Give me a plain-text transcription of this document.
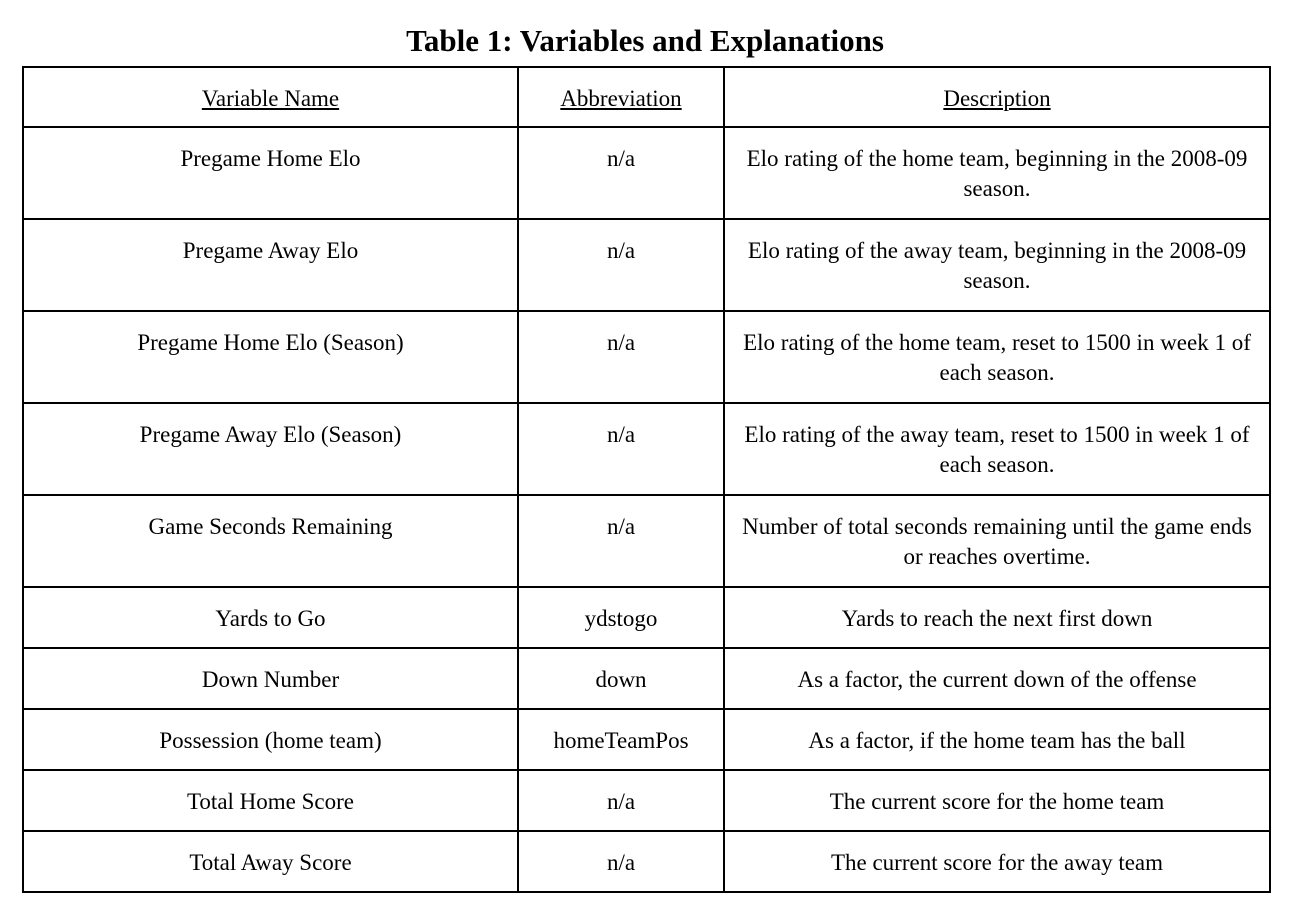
Table 1: Variables and Explanations
Variable Name	Abbreviation	Description
Pregame Home Elo	n/a	Elo rating of the home team, beginning in the 2008-09 season.
Pregame Away Elo	n/a	Elo rating of the away team, beginning in the 2008-09 season.
Pregame Home Elo (Season)	n/a	Elo rating of the home team, reset to 1500 in week 1 of each season.
Pregame Away Elo (Season)	n/a	Elo rating of the away team, reset to 1500 in week 1 of each season.
Game Seconds Remaining	n/a	Number of total seconds remaining until the game ends or reaches overtime.
Yards to Go	ydstogo	Yards to reach the next first down
Down Number	down	As a factor, the current down of the offense
Possession (home team)	homeTeamPos	As a factor, if the home team has the ball
Total Home Score	n/a	The current score for the home team
Total Away Score	n/a	The current score for the away team
